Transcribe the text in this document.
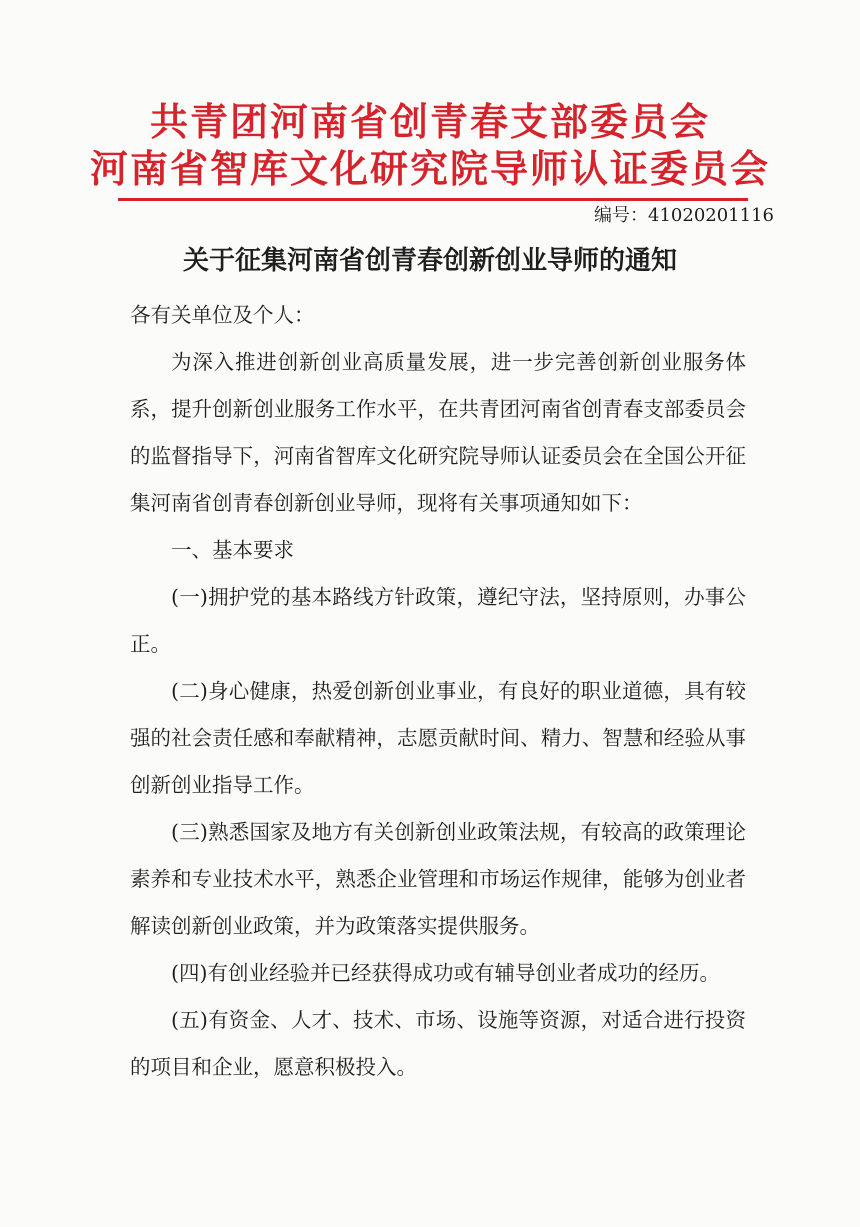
共青团河南省创青春支部委员会
河南省智库文化研究院导师认证委员会
编号：41020201116
关于征集河南省创青春创新创业导师的通知

各有关单位及个人：

为深入推进创新创业高质量发展，进一步完善创新创业服务体系，提升创新创业服务工作水平，在共青团河南省创青春支部委员会的监督指导下，河南省智库文化研究院导师认证委员会在全国公开征集河南省创青春创新创业导师，现将有关事项通知如下：

一、基本要求

(一)拥护党的基本路线方针政策，遵纪守法，坚持原则，办事公正。

(二)身心健康，热爱创新创业事业，有良好的职业道德，具有较强的社会责任感和奉献精神，志愿贡献时间、精力、智慧和经验从事创新创业指导工作。

(三)熟悉国家及地方有关创新创业政策法规，有较高的政策理论素养和专业技术水平，熟悉企业管理和市场运作规律，能够为创业者解读创新创业政策，并为政策落实提供服务。

(四)有创业经验并已经获得成功或有辅导创业者成功的经历。

(五)有资金、人才、技术、市场、设施等资源，对适合进行投资的项目和企业，愿意积极投入。
